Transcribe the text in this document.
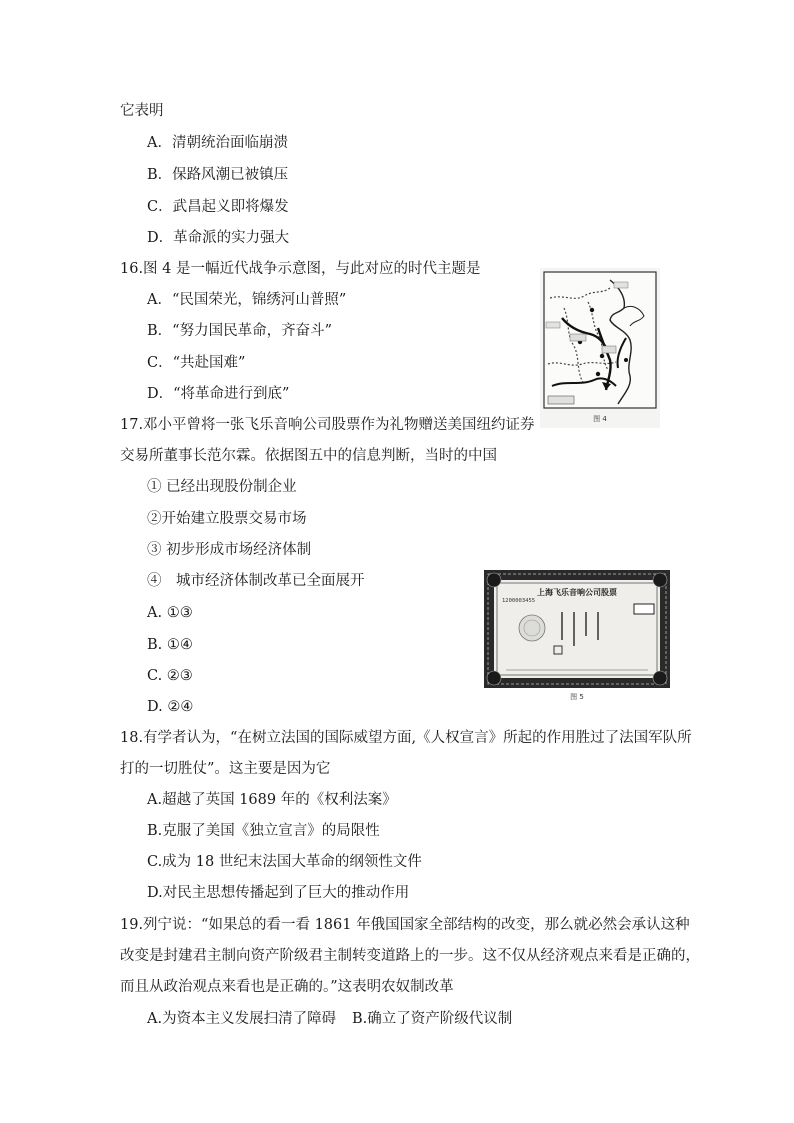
它表明
A．清朝统治面临崩溃
B．保路风潮已被镇压
C．武昌起义即将爆发
D．革命派的实力强大
16.图 4 是一幅近代战争示意图，与此对应的时代主题是
A．“民国荣光，锦绣河山普照”
B．“努力国民革命，齐奋斗”
C．“共赴国难”
D．“将革命进行到底”
图 4
17.邓小平曾将一张飞乐音响公司股票作为礼物赠送美国纽约证券
交易所董事长范尔霖。依据图五中的信息判断，当时的中国
① 已经出现股份制企业
②开始建立股票交易市场
③ 初步形成市场经济体制
④　城市经济体制改革已全面展开
A. ①③
B. ①④
C. ②③
D. ②④
上海飞乐音响公司股票
1200003455
图 5
18.有学者认为，“在树立法国的国际威望方面,《人权宣言》所起的作用胜过了法国军队所
打的一切胜仗”。这主要是因为它
A.超越了英国 1689 年的《权利法案》
B.克服了美国《独立宣言》的局限性
C.成为 18 世纪末法国大革命的纲领性文件
D.对民主思想传播起到了巨大的推动作用
19.列宁说：“如果总的看一看 1861 年俄国国家全部结构的改变，那么就必然会承认这种
改变是封建君主制向资产阶级君主制转变道路上的一步。这不仅从经济观点来看是正确的，
而且从政治观点来看也是正确的。”这表明农奴制改革
A.为资本主义发展扫清了障碍 B.确立了资产阶级代议制
